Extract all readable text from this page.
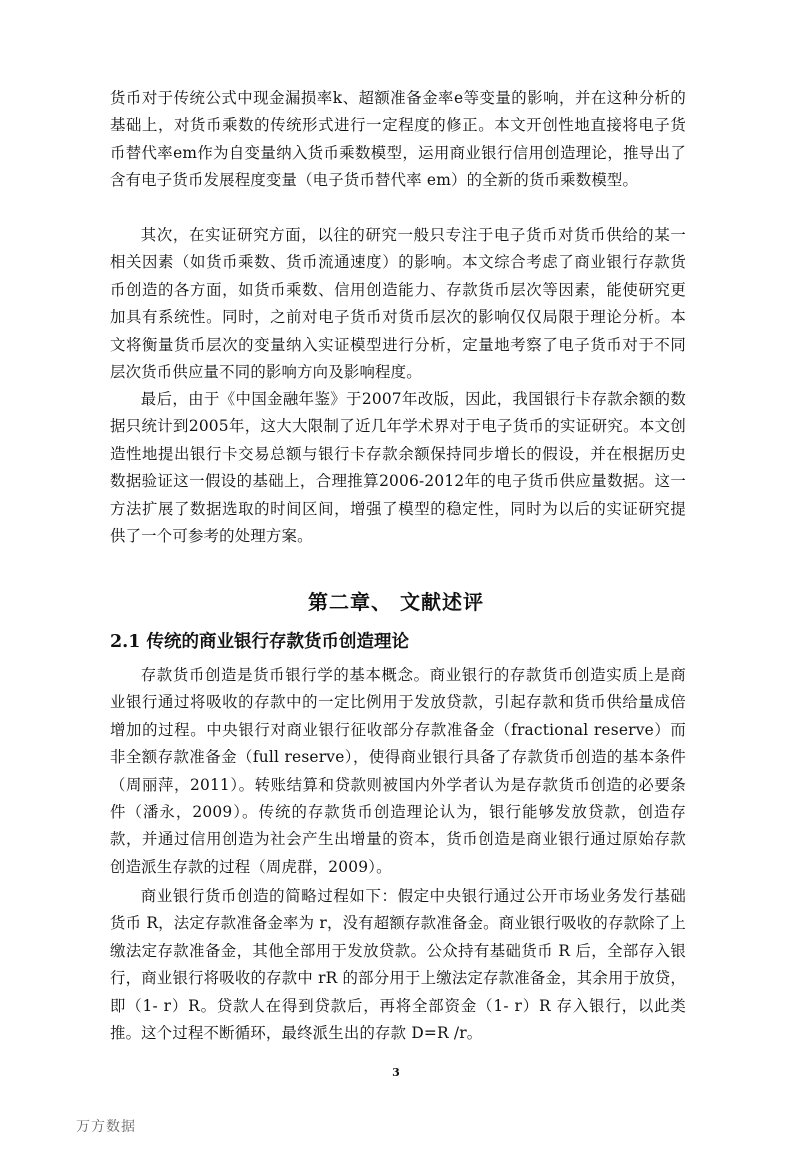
货币对于传统公式中现金漏损率k、超额准备金率e等变量的影响，并在这种分析的基础上，对货币乘数的传统形式进行一定程度的修正。本文开创性地直接将电子货币替代率em作为自变量纳入货币乘数模型，运用商业银行信用创造理论，推导出了含有电子货币发展程度变量（电子货币替代率 em）的全新的货币乘数模型。

其次，在实证研究方面，以往的研究一般只专注于电子货币对货币供给的某一相关因素（如货币乘数、货币流通速度）的影响。本文综合考虑了商业银行存款货币创造的各方面，如货币乘数、信用创造能力、存款货币层次等因素，能使研究更加具有系统性。同时，之前对电子货币对货币层次的影响仅仅局限于理论分析。本文将衡量货币层次的变量纳入实证模型进行分析，定量地考察了电子货币对于不同层次货币供应量不同的影响方向及影响程度。

最后，由于《中国金融年鉴》于2007年改版，因此，我国银行卡存款余额的数据只统计到2005年，这大大限制了近几年学术界对于电子货币的实证研究。本文创造性地提出银行卡交易总额与银行卡存款余额保持同步增长的假设，并在根据历史数据验证这一假设的基础上，合理推算2006-2012年的电子货币供应量数据。这一方法扩展了数据选取的时间区间，增强了模型的稳定性，同时为以后的实证研究提供了一个可参考的处理方案。

第二章、 文献述评
2.1 传统的商业银行存款货币创造理论

存款货币创造是货币银行学的基本概念。商业银行的存款货币创造实质上是商业银行通过将吸收的存款中的一定比例用于发放贷款，引起存款和货币供给量成倍增加的过程。中央银行对商业银行征收部分存款准备金（fractional reserve）而非全额存款准备金（full reserve），使得商业银行具备了存款货币创造的基本条件（周丽萍，2011）。转账结算和贷款则被国内外学者认为是存款货币创造的必要条件（潘永，2009）。传统的存款货币创造理论认为，银行能够发放贷款，创造存款，并通过信用创造为社会产生出增量的资本，货币创造是商业银行通过原始存款创造派生存款的过程（周虎群，2009）。

商业银行货币创造的简略过程如下：假定中央银行通过公开市场业务发行基础货币 R，法定存款准备金率为 r，没有超额存款准备金。商业银行吸收的存款除了上缴法定存款准备金，其他全部用于发放贷款。公众持有基础货币 R 后，全部存入银行，商业银行将吸收的存款中 rR 的部分用于上缴法定存款准备金，其余用于放贷，即（1- r）R。贷款人在得到贷款后，再将全部资金（1- r）R 存入银行，以此类推。这个过程不断循环，最终派生出的存款 D=R /r。

3
万方数据
